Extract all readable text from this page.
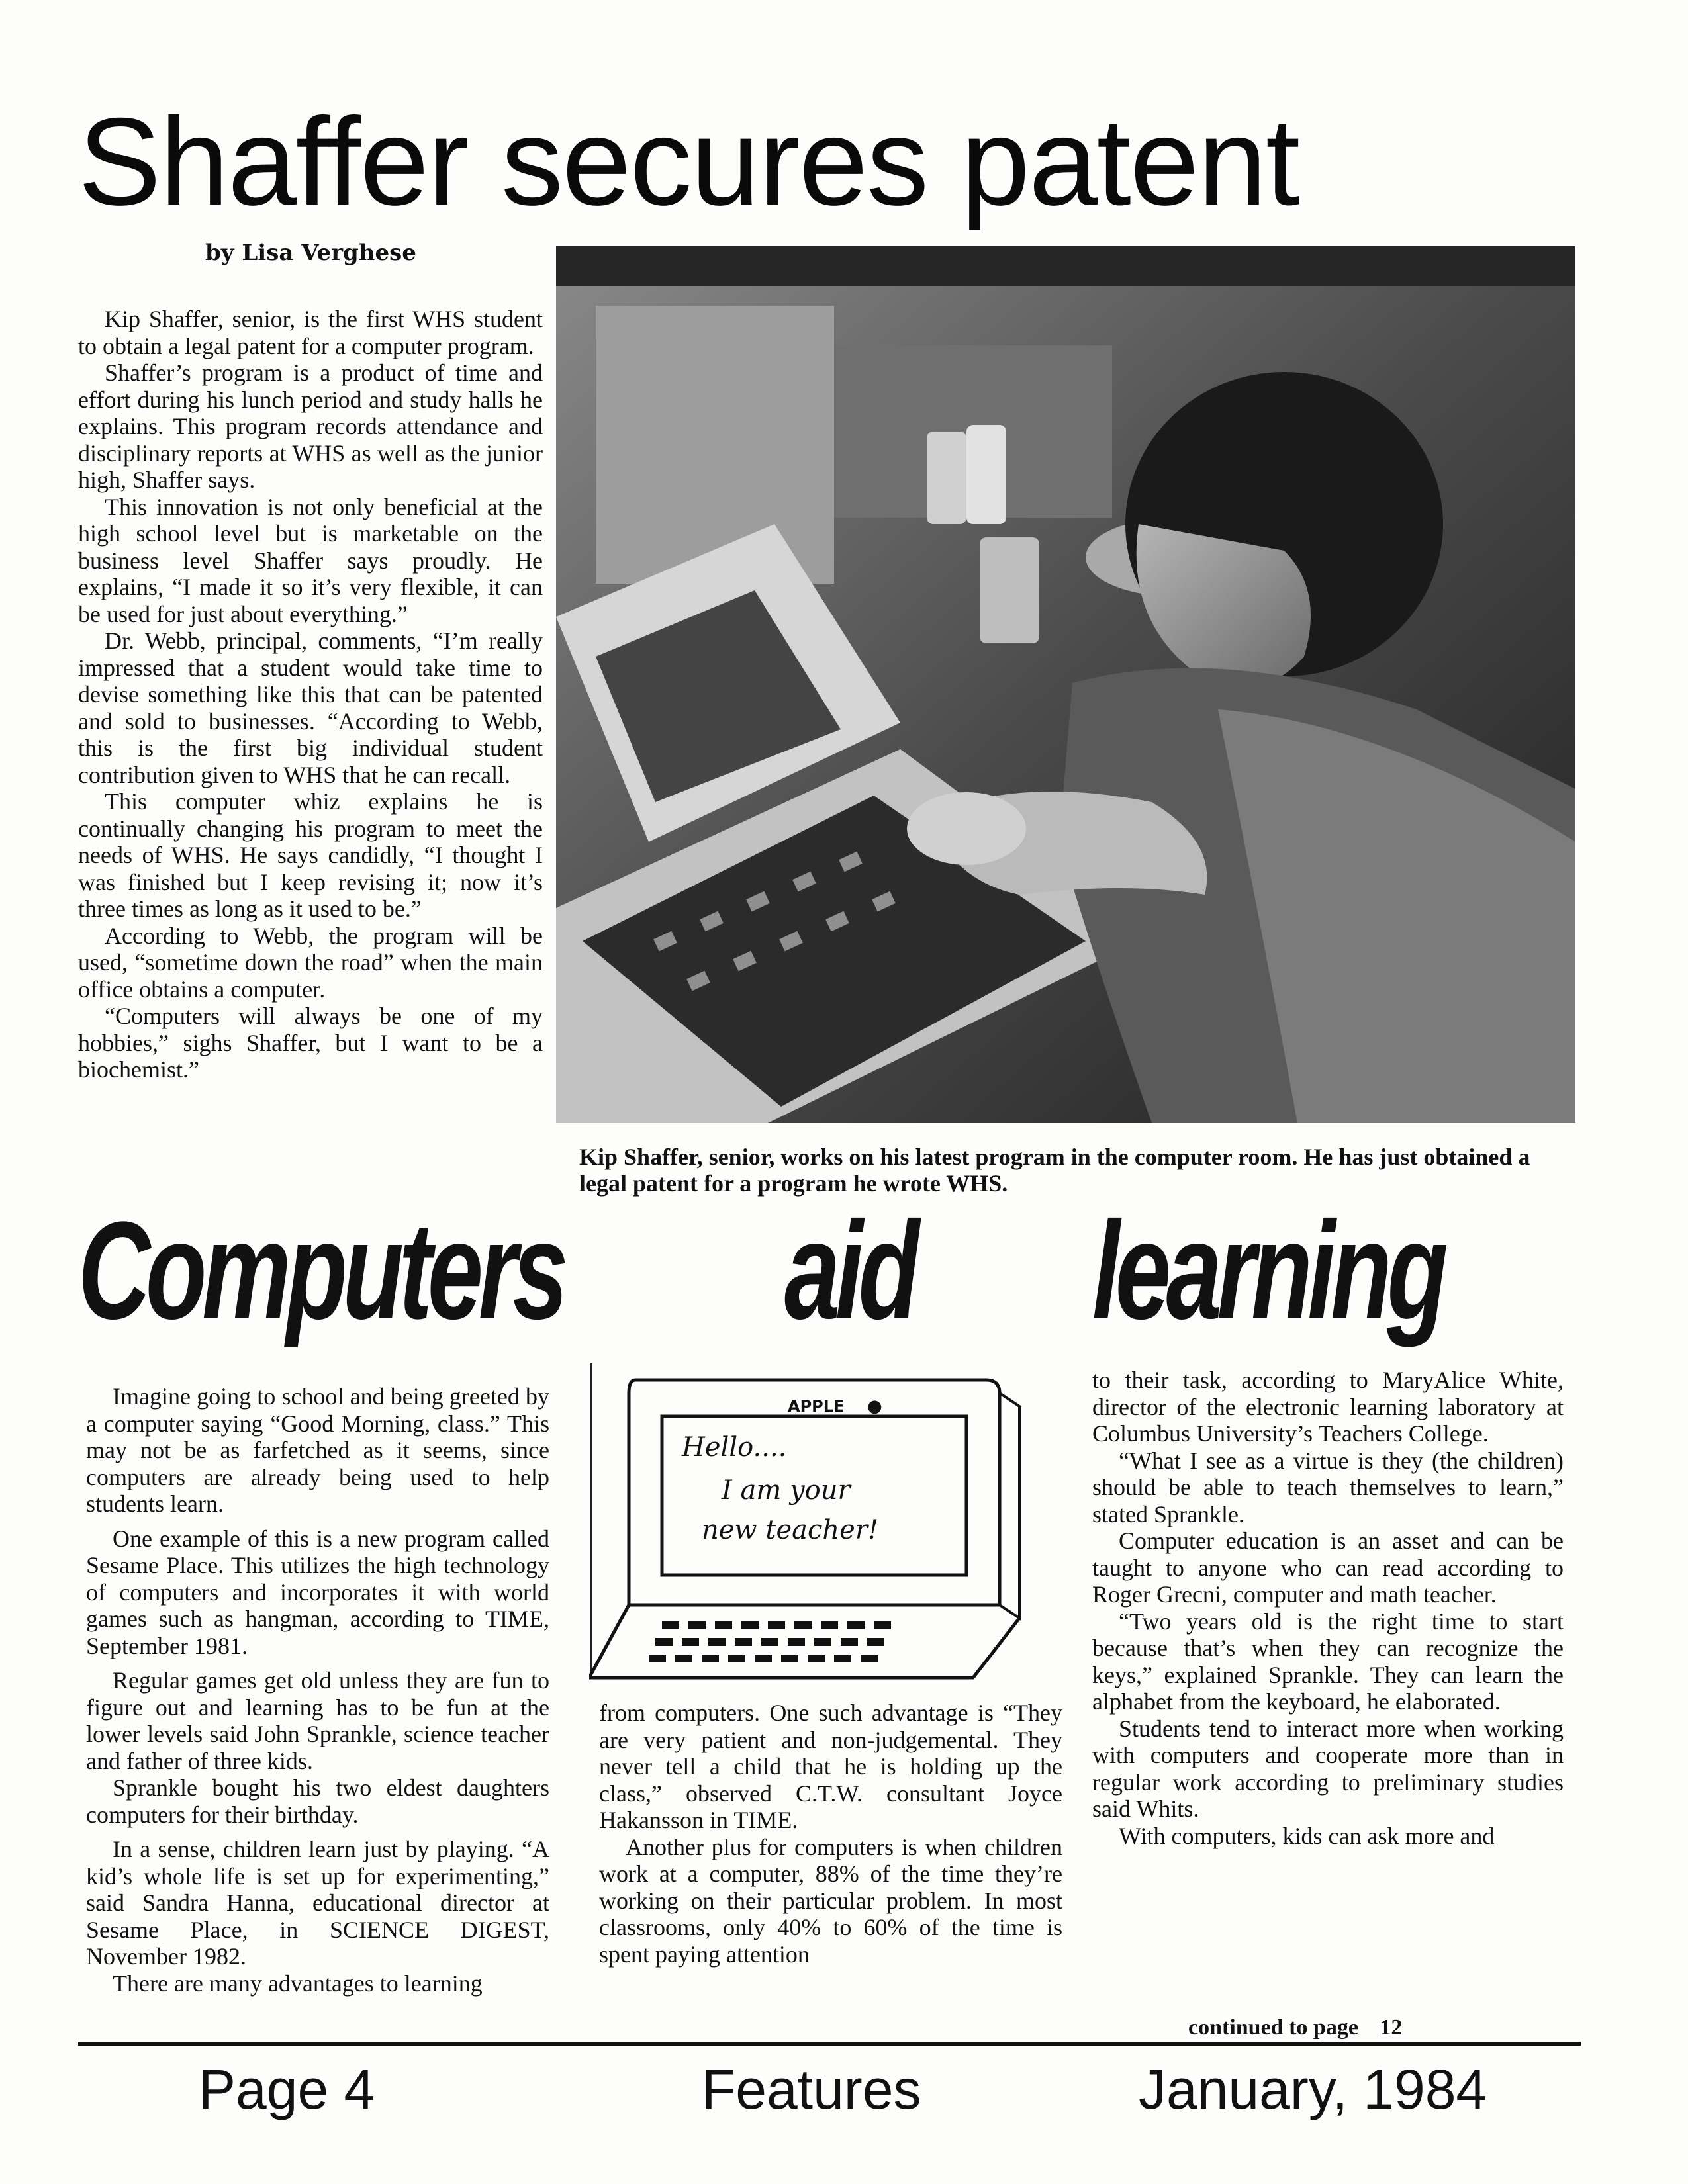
Shaffer secures patent
by Lisa Verghese

Kip Shaffer, senior, is the first WHS student to obtain a legal patent for a computer program.

Shaffer’s program is a product of time and effort during his lunch period and study halls he explains. This program records attendance and disciplinary reports at WHS as well as the junior high, Shaffer says.

This innovation is not only beneficial at the high school level but is marketable on the business level Shaffer says proudly. He explains, “I made it so it’s very flexible, it can be used for just about everything.”

Dr. Webb, principal, comments, “I’m really impressed that a student would take time to devise something like this that can be patented and sold to businesses. “According to Webb, this is the first big individual student contribution given to WHS that he can recall.

This computer whiz explains he is continually changing his program to meet the needs of WHS. He says candidly, “I thought I was finished but I keep revising it; now it’s three times as long as it used to be.”

According to Webb, the program will be used, “sometime down the road” when the main office obtains a computer.

“Computers will always be one of my hobbies,” sighs Shaffer, but I want to be a biochemist.”

Kip Shaffer, senior, works on his latest program in the computer room. He has just obtained a legal patent for a program he wrote WHS.
Computers aid learning

Imagine going to school and being greeted by a computer saying “Good Morning, class.” This may not be as farfetched as it seems, since computers are already being used to help students learn.

One example of this is a new program called Sesame Place. This utilizes the high technology of computers and incorporates it with world games such as hangman, according to TIME, September 1981.

Regular games get old unless they are fun to figure out and learning has to be fun at the lower levels said John Sprankle, science teacher and father of three kids.

Sprankle bought his two eldest daughters computers for their birthday.

In a sense, children learn just by playing. “A kid’s whole life is set up for experimenting,” said Sandra Hanna, educational director at Sesame Place, in SCIENCE DIGEST, November 1982.

There are many advantages to learning

APPLE ●
Hello....
I am your
new teacher!

from computers. One such advantage is “They are very patient and non-judgemental. They never tell a child that he is holding up the class,” observed C.T.W. consultant Joyce Hakansson in TIME.

Another plus for computers is when children work at a computer, 88% of the time they’re working on their particular problem. In most classrooms, only 40% to 60% of the time is spent paying attention

to their task, according to MaryAlice White, director of the electronic learning laboratory at Columbus University’s Teachers College.

“What I see as a virtue is they (the children) should be able to teach themselves to learn,” stated Sprankle.

Computer education is an asset and can be taught to anyone who can read according to Roger Grecni, computer and math teacher.

“Two years old is the right time to start because that’s when they can recognize the keys,” explained Sprankle. They can learn the alphabet from the keyboard, he elaborated.

Students tend to interact more when working with computers and cooperate more than in regular work according to preliminary studies said Whits.

With computers, kids can ask more and

continued to page 12
Page 4	Features	January, 1984
